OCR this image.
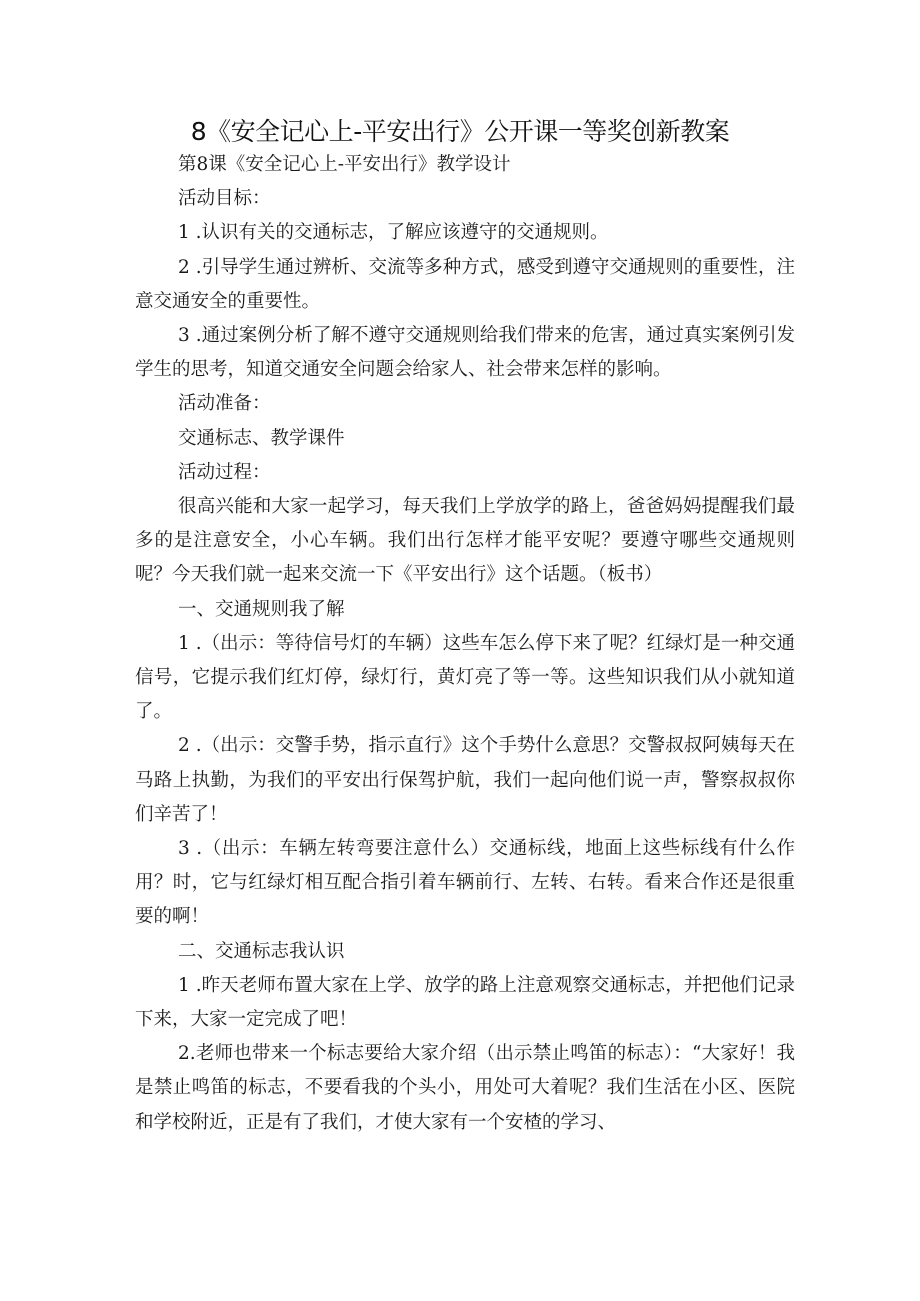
8《安全记心上-平安出行》公开课一等奖创新教案

第8课《安全记心上-平安出行》教学设计

活动目标：

1 .认识有关的交通标志，了解应该遵守的交通规则。

2 .引导学生通过辨析、交流等多种方式，感受到遵守交通规则的重要性，注意交通安全的重要性。

3 .通过案例分析了解不遵守交通规则给我们带来的危害，通过真实案例引发学生的思考，知道交通安全问题会给家人、社会带来怎样的影响。

活动准备：

交通标志、教学课件

活动过程：

很高兴能和大家一起学习，每天我们上学放学的路上，爸爸妈妈提醒我们最多的是注意安全，小心车辆。我们出行怎样才能平安呢？要遵守哪些交通规则呢？今天我们就一起来交流一下《平安出行》这个话题。（板书）

一、交通规则我了解

1 .（出示：等待信号灯的车辆）这些车怎么停下来了呢？红绿灯是一种交通信号，它提示我们红灯停，绿灯行，黄灯亮了等一等。这些知识我们从小就知道了。

2 .（出示：交警手势，指示直行》这个手势什么意思？交警叔叔阿姨每天在马路上执勤，为我们的平安出行保驾护航，我们一起向他们说一声，警察叔叔你们辛苦了！

3 .（出示：车辆左转弯要注意什么）交通标线，地面上这些标线有什么作用？时，它与红绿灯相互配合指引着车辆前行、左转、右转。看来合作还是很重要的啊！

二、交通标志我认识

1 .昨天老师布置大家在上学、放学的路上注意观察交通标志，并把他们记录下来，大家一定完成了吧！

2.老师也带来一个标志要给大家介绍（出示禁止鸣笛的标志）：“大家好！我是禁止鸣笛的标志，不要看我的个头小，用处可大着呢？我们生活在小区、医院和学校附近，正是有了我们，才使大家有一个安楂的学习、
